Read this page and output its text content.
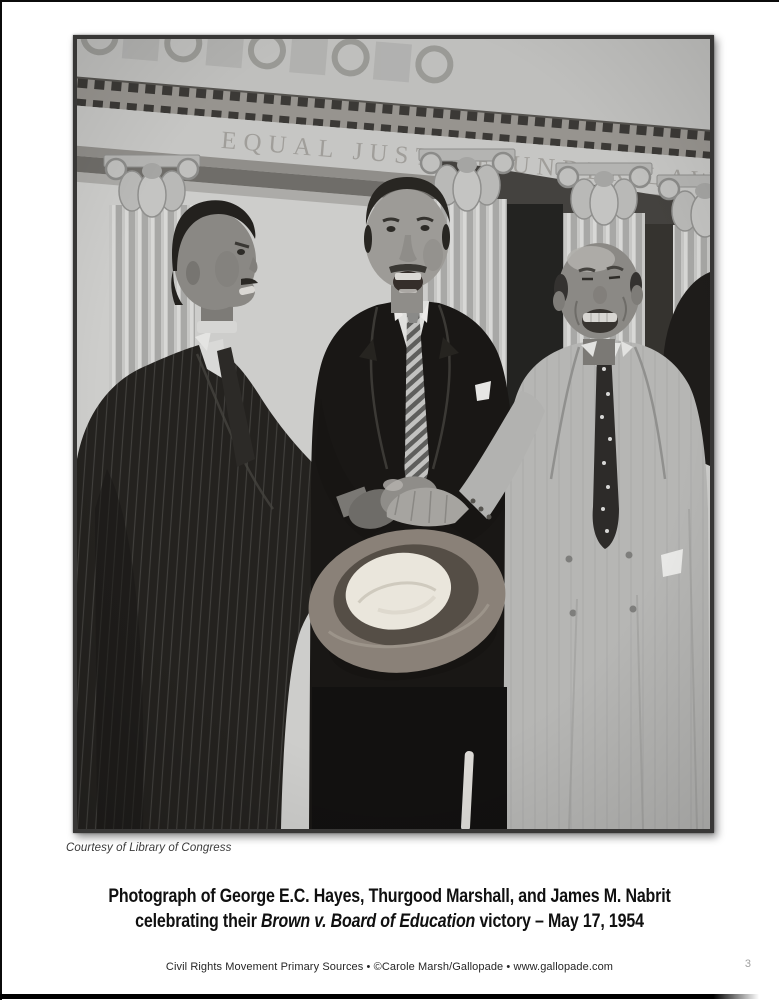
Courtesy of Library of Congress
Photograph of George E.C. Hayes, Thurgood Marshall, and James M. Nabrit
celebrating their Brown v. Board of Education victory – May 17, 1954
Civil Rights Movement Primary Sources • ©Carole Marsh/Gallopade • www.gallopade.com	3
